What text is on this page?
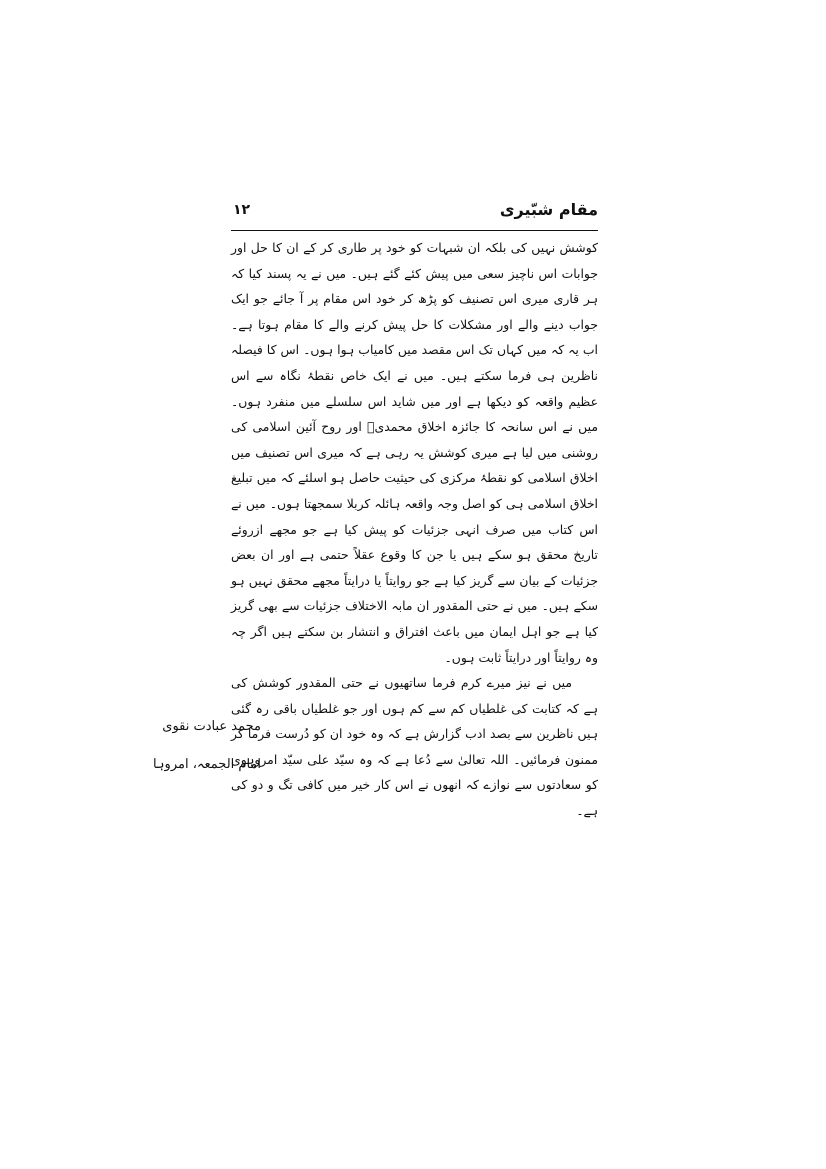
مقام شبّیری
۱۲

کوشش نہیں کی بلکہ ان شبہات کو خود پر طاری کر کے ان کا حل اور جوابات اس ناچیز سعی میں پیش کئے گئے ہیں۔ میں نے یہ پسند کیا کہ ہر قاری میری اس تصنیف کو پڑھ کر خود اس مقام پر آ جائے جو ایک جواب دینے والے اور مشکلات کا حل پیش کرنے والے کا مقام ہوتا ہے۔ اب یہ کہ میں کہاں تک اس مقصد میں کامیاب ہوا ہوں۔ اس کا فیصلہ ناظرین ہی فرما سکتے ہیں۔ میں نے ایک خاص نقطۂ نگاہ سے اس عظیم واقعہ کو دیکھا ہے اور میں شاید اس سلسلے میں منفرد ہوں۔ میں نے اس سانحہ کا جائزہ اخلاق محمدیؐ اور روح آئین اسلامی کی روشنی میں لیا ہے میری کوشش یہ رہی ہے کہ میری اس تصنیف میں اخلاق اسلامی کو نقطۂ مرکزی کی حیثیت حاصل ہو اسلئے کہ میں تبلیغ اخلاق اسلامی ہی کو اصل وجہ واقعہ ہائلہ کربلا سمجھتا ہوں۔ میں نے اس کتاب میں صرف انہی جزئیات کو پیش کیا ہے جو مجھے ازروئے تاریخ محقق ہو سکے ہیں یا جن کا وقوع عقلاً حتمی ہے اور ان بعض جزئیات کے بیان سے گریز کیا ہے جو روایتاً یا درایتاً مجھے محقق نہیں ہو سکے ہیں۔ میں نے حتی المقدور ان مابہ الاختلاف جزئیات سے بھی گریز کیا ہے جو اہل ایمان میں باعث افتراق و انتشار بن سکتے ہیں اگر چہ وہ روایتاً اور درایتاً ثابت ہوں۔

میں نے نیز میرے کرم فرما ساتھیوں نے حتی المقدور کوشش کی ہے کہ کتابت کی غلطیاں کم سے کم ہوں اور جو غلطیاں باقی رہ گئی ہیں ناظرین سے بصد ادب گزارش ہے کہ وہ خود ان کو دُرست فرما کر ممنون فرمائیں۔ اللہ تعالیٰ سے دُعا ہے کہ وہ سیّد علی سیّد امروہوی کو سعادتوں سے نوازے کہ انھوں نے اس کار خیر میں کافی تگ و دو کی ہے۔

محمد عبادت نقوی
امام الجمعہ، امروہا
